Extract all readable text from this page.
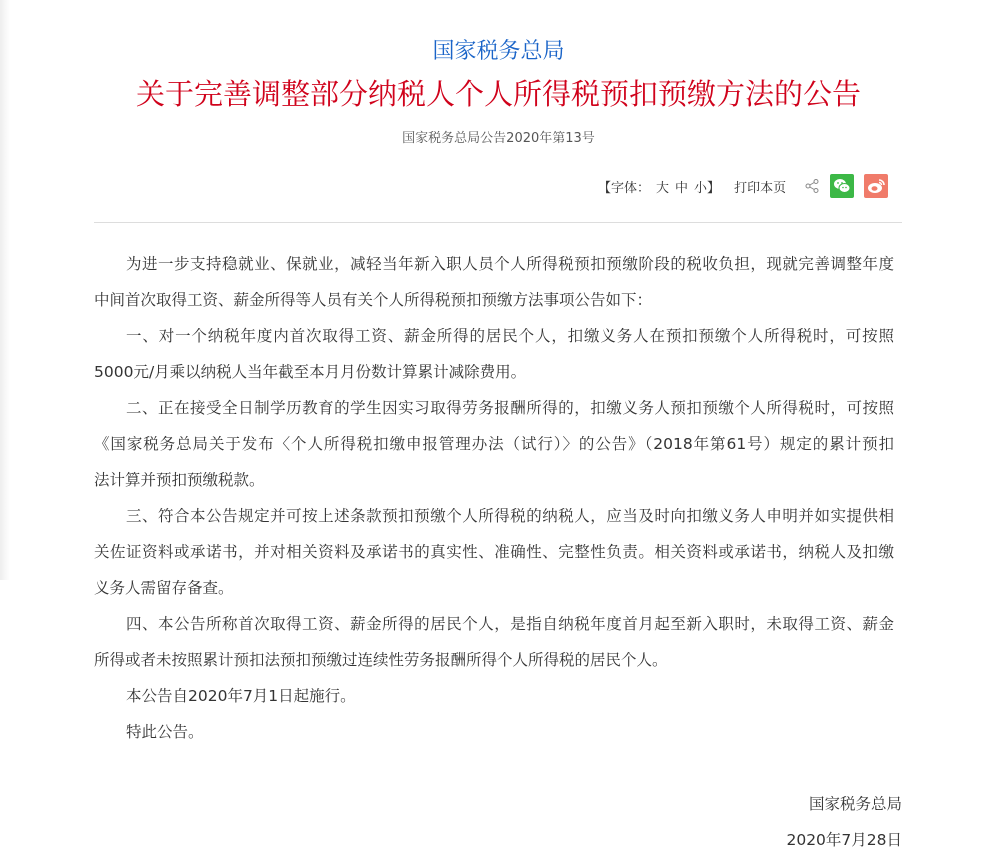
国家税务总局
关于完善调整部分纳税人个人所得税预扣预缴方法的公告
国家税务总局公告2020年第13号
【字体： 大 中 小】 打印本页
为进一步支持稳就业、保就业，减轻当年新入职人员个人所得税预扣预缴阶段的税收负担，现就完善调整年度
中间首次取得工资、薪金所得等人员有关个人所得税预扣预缴方法事项公告如下：
一、对一个纳税年度内首次取得工资、薪金所得的居民个人，扣缴义务人在预扣预缴个人所得税时，可按照
5000元/月乘以纳税人当年截至本月月份数计算累计减除费用。
二、正在接受全日制学历教育的学生因实习取得劳务报酬所得的，扣缴义务人预扣预缴个人所得税时，可按照
《国家税务总局关于发布〈个人所得税扣缴申报管理办法（试行）〉的公告》（2018年第61号）规定的累计预扣
法计算并预扣预缴税款。
三、符合本公告规定并可按上述条款预扣预缴个人所得税的纳税人，应当及时向扣缴义务人申明并如实提供相
关佐证资料或承诺书，并对相关资料及承诺书的真实性、准确性、完整性负责。相关资料或承诺书，纳税人及扣缴
义务人需留存备查。
四、本公告所称首次取得工资、薪金所得的居民个人，是指自纳税年度首月起至新入职时，未取得工资、薪金
所得或者未按照累计预扣法预扣预缴过连续性劳务报酬所得个人所得税的居民个人。
本公告自2020年7月1日起施行。
特此公告。
国家税务总局
2020年7月28日
